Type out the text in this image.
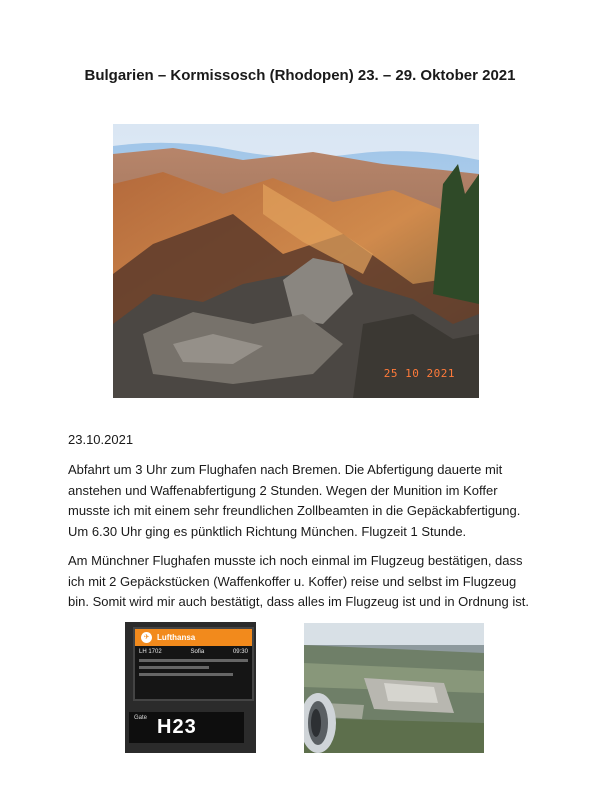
Bulgarien – Kormissosch (Rhodopen) 23. – 29. Oktober 2021
25 10 2021
23.10.2021

Abfahrt um 3 Uhr zum Flughafen nach Bremen. Die Abfertigung dauerte mit anstehen und Waffenabfertigung 2 Stunden. Wegen der Munition im Koffer musste ich mit einem sehr freundlichen Zollbeamten in die Gepäckabfertigung. Um 6.30 Uhr ging es pünktlich Richtung München. Flugzeit 1 Stunde.

Am Münchner Flughafen musste ich noch einmal im Flugzeug bestätigen, dass ich mit 2 Gepäckstücken (Waffenkoffer u. Koffer) reise und selbst im Flugzeug bin. Somit wird mir auch bestätigt, dass alles im Flugzeug ist und in Ordnung ist.

✈ Lufthansa
LH 1702	Sofia	09:30
Gate H23
